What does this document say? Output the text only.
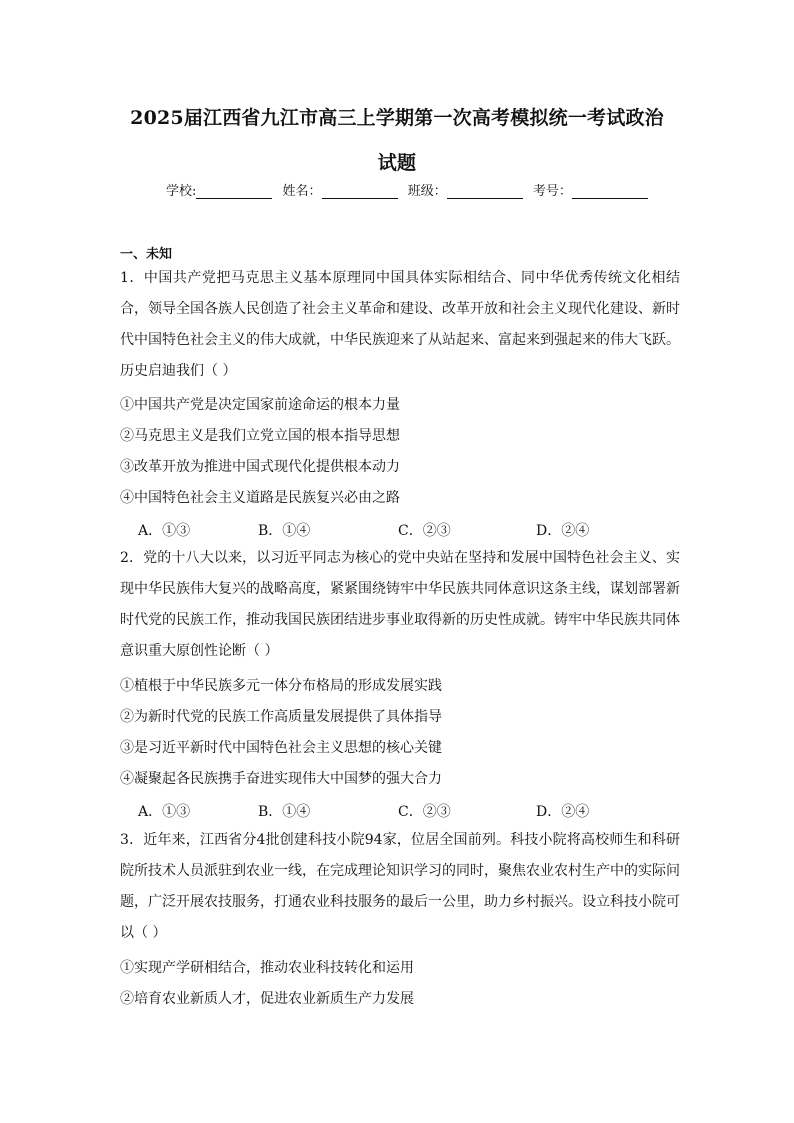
2025届江西省九江市高三上学期第一次高考模拟统一考试政治
试题
学校:	姓名：	班级：	考号：
一、未知
1．中国共产党把马克思主义基本原理同中国具体实际相结合、同中华优秀传统文化相结合，领导全国各族人民创造了社会主义革命和建设、改革开放和社会主义现代化建设、新时代中国特色社会主义的伟大成就，中华民族迎来了从站起来、富起来到强起来的伟大飞跃。历史启迪我们（ ）
①中国共产党是决定国家前途命运的根本力量
②马克思主义是我们立党立国的根本指导思想
③改革开放为推进中国式现代化提供根本动力
④中国特色社会主义道路是民族复兴必由之路
A．①③	B．①④	C．②③	D．②④
2．党的十八大以来，以习近平同志为核心的党中央站在坚持和发展中国特色社会主义、实现中华民族伟大复兴的战略高度，紧紧围绕铸牢中华民族共同体意识这条主线，谋划部署新时代党的民族工作，推动我国民族团结进步事业取得新的历史性成就。铸牢中华民族共同体意识重大原创性论断（ ）
①植根于中华民族多元一体分布格局的形成发展实践
②为新时代党的民族工作高质量发展提供了具体指导
③是习近平新时代中国特色社会主义思想的核心关键
④凝聚起各民族携手奋进实现伟大中国梦的强大合力
A．①③	B．①④	C．②③	D．②④
3．近年来，江西省分4批创建科技小院94家，位居全国前列。科技小院将高校师生和科研院所技术人员派驻到农业一线，在完成理论知识学习的同时，聚焦农业农村生产中的实际问题，广泛开展农技服务，打通农业科技服务的最后一公里，助力乡村振兴。设立科技小院可以（ ）
①实现产学研相结合，推动农业科技转化和运用
②培育农业新质人才，促进农业新质生产力发展
